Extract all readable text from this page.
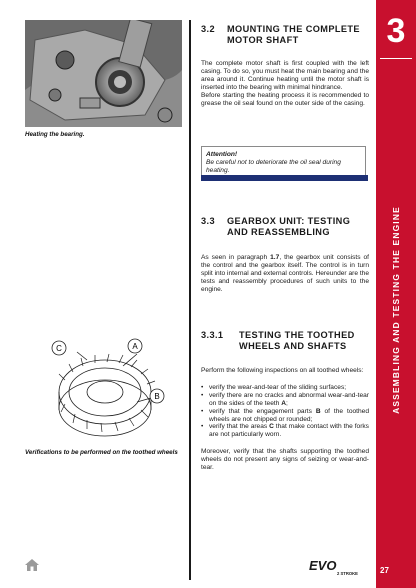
Heating the bearing.
C	A
B
Verifications to be performed on the toothed wheels
3.2 MOUNTING THE COMPLETE MOTOR SHAFT

The complete motor shaft is first coupled with the left casing. To do so, you must heat the main bearing and the area around it. Continue heating until the motor shaft is inserted into the bearing with minimal hindrance.

Before starting the heating process it is recommended to grease the oil seal found on the outer side of the casing.

Attention!
Be careful not to deteriorate the oil seal during heating.
3.3 GEARBOX UNIT: TESTING AND REASSEMBLING

As seen in paragraph 1.7, the gearbox unit consists of the control and the gearbox itself. The control is in turn split into internal and external controls. Hereunder are the tests and reassembly procedures of such units to the engine.

3.3.1 TESTING THE TOOTHED WHEELS AND SHAFTS

Perform the following inspections on all toothed wheels:

• verify the wear-and-tear of the sliding surfaces;
• verify there are no cracks and abnormal wear-and-tear on the sides of the teeth A;
• verify that the engagement parts B of the toothed wheels are not chipped or rounded;
• verify that the areas C that make contact with the forks are not particularly worn.

Moreover, verify that the shafts supporting the toothed wheels do not present any signs of seizing or wear-and-tear.

3
ASSEMBLING AND TESTING THE ENGINE
EVO
2 STROKE	27
